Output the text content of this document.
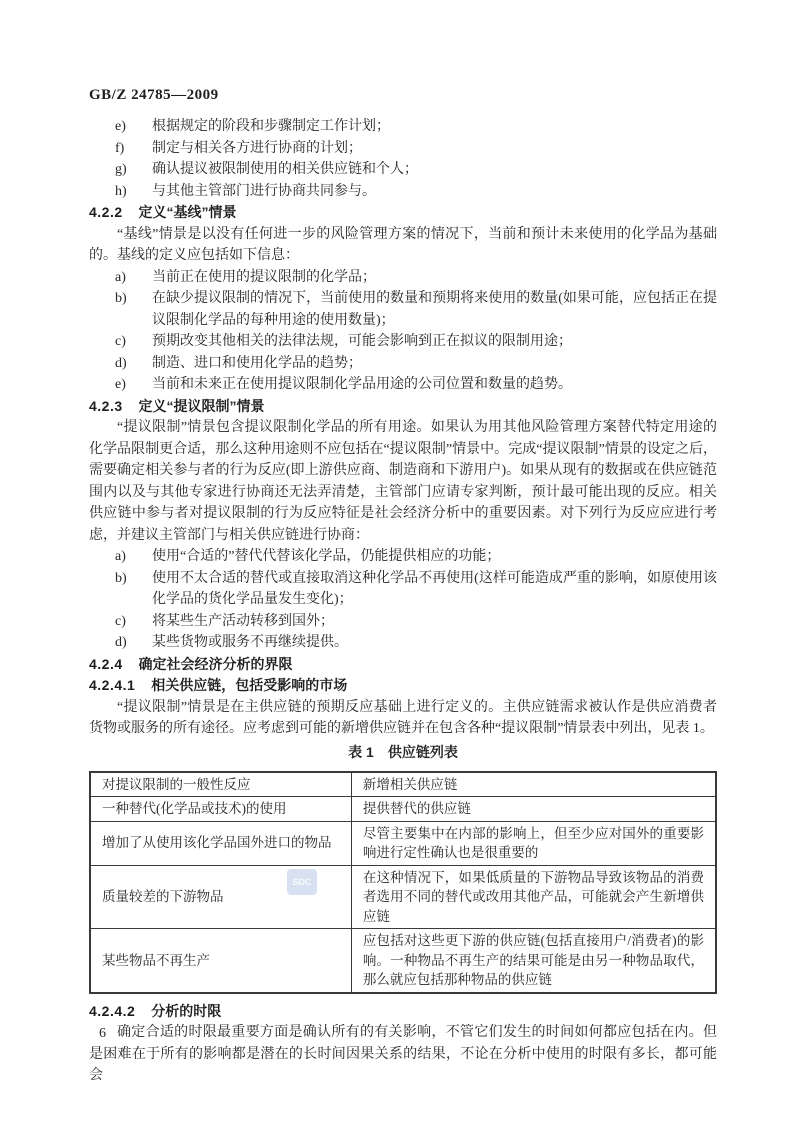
GB/Z 24785—2009
e) 根据规定的阶段和步骤制定工作计划；
f) 制定与相关各方进行协商的计划；
g) 确认提议被限制使用的相关供应链和个人；
h) 与其他主管部门进行协商共同参与。
4.2.2 定义“基线”情景

“基线”情景是以没有任何进一步的风险管理方案的情况下，当前和预计未来使用的化学品为基础的。基线的定义应包括如下信息：

a) 当前正在使用的提议限制的化学品；
b) 在缺少提议限制的情况下，当前使用的数量和预期将来使用的数量(如果可能，应包括正在提议限制化学品的每种用途的使用数量)；
c) 预期改变其他相关的法律法规，可能会影响到正在拟议的限制用途；
d) 制造、进口和使用化学品的趋势；
e) 当前和未来正在使用提议限制化学品用途的公司位置和数量的趋势。
4.2.3 定义“提议限制”情景

“提议限制”情景包含提议限制化学品的所有用途。如果认为用其他风险管理方案替代特定用途的化学品限制更合适，那么这种用途则不应包括在“提议限制”情景中。完成“提议限制”情景的设定之后，需要确定相关参与者的行为反应(即上游供应商、制造商和下游用户)。如果从现有的数据或在供应链范围内以及与其他专家进行协商还无法弄清楚，主管部门应请专家判断，预计最可能出现的反应。相关供应链中参与者对提议限制的行为反应特征是社会经济分析中的重要因素。对下列行为反应应进行考虑，并建议主管部门与相关供应链进行协商：

a) 使用“合适的”替代代替该化学品，仍能提供相应的功能；
b) 使用不太合适的替代或直接取消这种化学品不再使用(这样可能造成严重的影响，如原使用该化学品的货化学品量发生变化)；
c) 将某些生产活动转移到国外；
d) 某些货物或服务不再继续提供。
4.2.4 确定社会经济分析的界限
4.2.4.1 相关供应链，包括受影响的市场

“提议限制”情景是在主供应链的预期反应基础上进行定义的。主供应链需求被认作是供应消费者货物或服务的所有途径。应考虑到可能的新增供应链并在包含各种“提议限制”情景表中列出，见表 1。

表 1 供应链列表
对提议限制的一般性反应	新增相关供应链
一种替代(化学品或技术)的使用	提供替代的供应链
增加了从使用该化学品国外进口的物品	尽管主要集中在内部的影响上，但至少应对国外的重要影响进行定性确认也是很重要的
质量较差的下游物品	在这种情况下，如果低质量的下游物品导致该物品的消费者选用不同的替代或改用其他产品，可能就会产生新增供应链
某些物品不再生产	应包括对这些更下游的供应链(包括直接用户/消费者)的影响。一种物品不再生产的结果可能是由另一种物品取代，那么就应包括那种物品的供应链
4.2.4.2 分析的时限

确定合适的时限最重要方面是确认所有的有关影响，不管它们发生的时间如何都应包括在内。但是困难在于所有的影响都是潜在的长时间因果关系的结果，不论在分析中使用的时限有多长，都可能会

SDC
6
